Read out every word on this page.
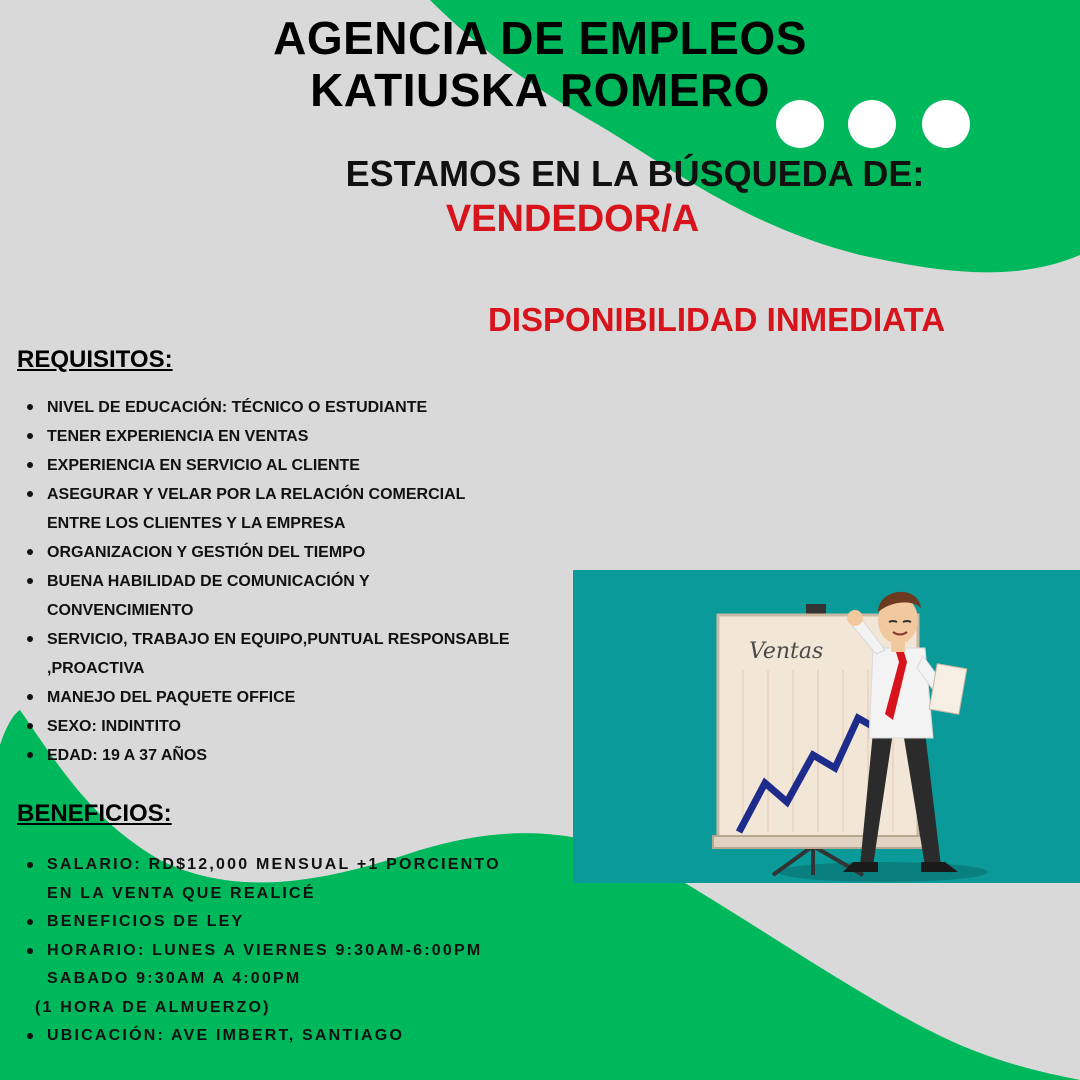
AGENCIA DE EMPLEOS
KATIUSKA ROMERO
ESTAMOS EN LA BÚSQUEDA DE:
VENDEDOR/A
DISPONIBILIDAD INMEDIATA
REQUISITOS:
NIVEL DE EDUCACIÓN: TÉCNICO O ESTUDIANTE
TENER EXPERIENCIA EN VENTAS
EXPERIENCIA EN SERVICIO AL CLIENTE
ASEGURAR Y VELAR POR LA RELACIÓN COMERCIAL ENTRE LOS CLIENTES Y LA EMPRESA
ORGANIZACION Y GESTIÓN DEL TIEMPO
BUENA HABILIDAD DE COMUNICACIÓN Y CONVENCIMIENTO
SERVICIO, TRABAJO EN EQUIPO,PUNTUAL RESPONSABLE ,PROACTIVA
MANEJO DEL PAQUETE OFFICE
SEXO: INDINTITO
EDAD: 19 A 37 AÑOS
BENEFICIOS:
SALARIO: RD$12,000 MENSUAL +1 PORCIENTO EN LA VENTA QUE REALICÉ
BENEFICIOS DE LEY
HORARIO: LUNES A VIERNES 9:30AM-6:00PM SABADO 9:30AM A 4:00PM
(1 HORA DE ALMUERZO)
UBICACIÓN: AVE IMBERT, SANTIAGO
Ventas
